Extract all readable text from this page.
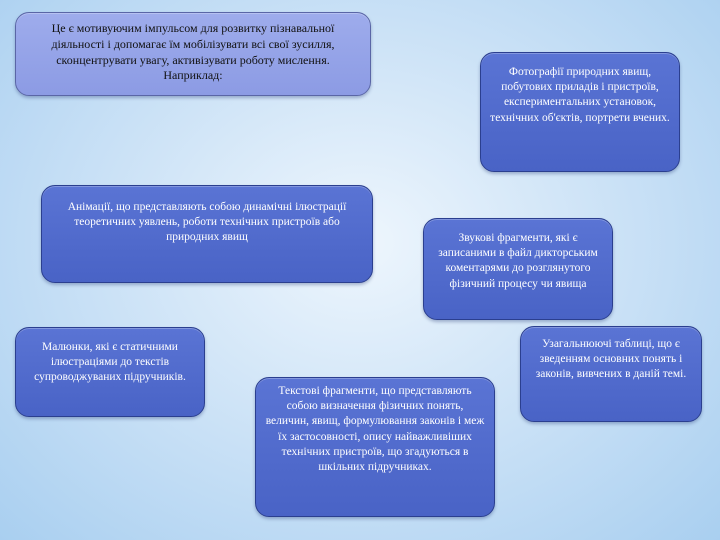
Це є мотивуючим імпульсом для розвитку пізнавальної діяльності і допомагає їм мобілізувати всі свої зусилля, сконцентрувати увагу, активізувати роботу мислення. Наприклад:	Фотографії природних явищ, побутових приладів і пристроїв, експериментальних установок, технічних об'єктів, портрети вчених.
Анімації, що представляють собою динамічні ілюстрації теоретичних уявлень, роботи технічних пристроїв або природних явищ	Звукові фрагменти, які є записаними в файл дикторським коментарями до розглянутого фізичний процесу чи явища
Малюнки, які є статичними ілюстраціями до текстів супроводжуваних підручників.
Текстові фрагменти, що представляють собою визначення фізичних понять, величин, явищ, формулювання законів і меж їх застосовності, опису найважливіших технічних пристроїв, що згадуються в шкільних підручниках.
Узагальнюючі таблиці, що є зведенням основних понять і законів, вивчених в даній темі.
